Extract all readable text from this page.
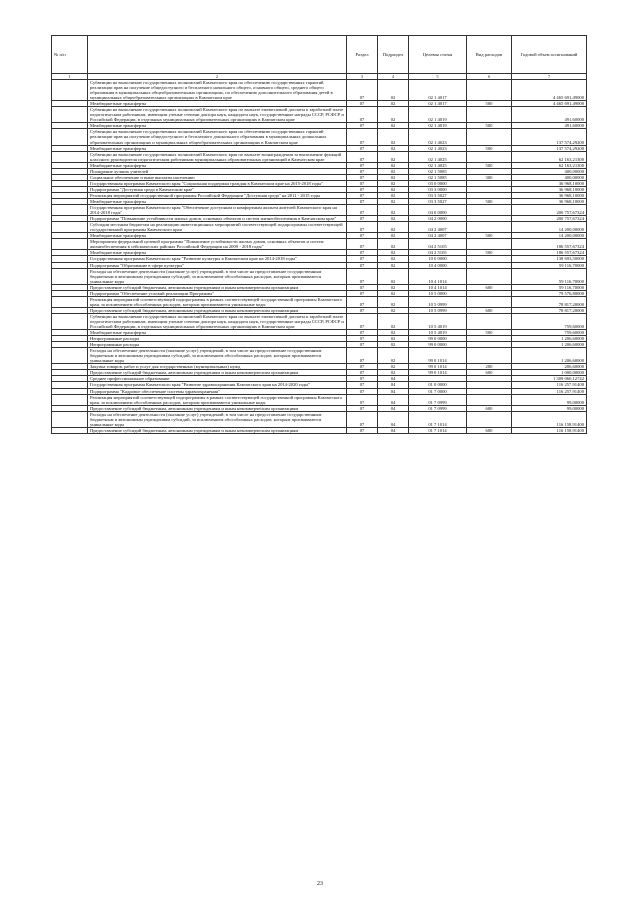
№ п/п		Раздел	Подраздел	Целевая статья	Вид расходов	Годовой объем ассигнований
1	2	3	4	5	6	7
	Субвенции на выполнение государственных полномочий Камчатского края по обеспечению государственных гарантий реализации прав на получение общедоступного и бесплатного начального общего, основного общего, среднего общего образования в муниципальных общеобразовательных организациях, по обеспечению дополнительного образования детей в муниципальных общеобразовательных организациях в Камчатском крае	07	02	02 1 4017		4 465 691,49000
	Межбюджетные трансферты	07	02	02 1 4017	500	4 465 691,49000
	Субвенции на выполнение государственных полномочий Камчатского края по выплате ежемесячной доплаты к заработной плате педагогическим работникам, имеющим ученые степени доктора наук, кандидата наук, государственные награды СССР, РСФСР и Российской Федерации, в отдельных муниципальных образовательных организациях в Камчатском крае	07	02	02 1 4019		491,60000
	Межбюджетные трансферты	07	02	02 1 4019	500	491,60000
	Субвенции на выполнение государственных полномочий Камчатского края по обеспечению государственных гарантий реализации прав на получение общедоступного и бесплатного дошкольного образования в муниципальных дошкольных образовательных организациях и муниципальных общеобразовательных организациях в Камчатском крае	07	02	02 1 4023		137 574,29200
	Межбюджетные трансферты	07	02	02 1 4023	500	137 574,29200
	Субвенции на выполнение государственных полномочий Камчатского края по выплате вознаграждения за выполнение функций классного руководителя педагогическим работникам муниципальных образовательных организаций в Камчатском крае	07	02	02 1 4025		62 163,21300
	Межбюджетные трансферты	07	02	02 1 4025	500	62 163,21300
	Поощрение лучших учителей	07	02	02 1 5085		400,00000
	Социальное обеспечение и иные выплаты населению	07	02	02 1 5085	300	400,00000
	Государственная программа Камчатского края "Социальная поддержка граждан в Камчатском крае на 2015-2018 годы"	07	02	03 0 0000		36 968,10000
	Подпрограмма "Доступная среда в Камчатском крае"	07	02	03 3 0000		36 968,10000
	Реализация мероприятий государственной программы Российской Федерации "Доступная среда" на 2011 - 2015 годы	07	02	03 3 5027		36 968,10000
	Межбюджетные трансферты	07	02	03 3 5027	500	36 968,10000
	Государственная программа Камчатского края "Обеспечение доступным и комфортным жильем жителей Камчатского края на 2014-2018 годы"	07	02	04 0 0000		200 757,67324
	Подпрограмма "Повышение устойчивости жилых домов, основных объектов и систем жизнеобеспечения в Камчатском крае"	07	02	04 2 0000		200 757,67324
	Субсидии местным бюджетам на реализацию инвестиционных мероприятий соответствующей подпрограммы соответствующей государственной программы Камчатского края	07	02	04 2 4007		14 200,00000
	Межбюджетные трансферты	07	02	04 2 4007	500	14 200,00000
	Мероприятия федеральной целевой программы "Повышение устойчивости жилых домов, основных объектов и систем жизнеобеспечения в сейсмических районах Российской Федерации на 2009 - 2018 годы"	07	02	04 2 5105		186 557,67324
	Межбюджетные трансферты	07	02	04 2 5105	500	186 557,67324
	Государственная программа Камчатского края "Развитие культуры в Камчатском крае на 2014-2018 годы"	07	02	10 0 0000		138 693,50000
	Подпрограмма "Образование в сфере культуры"	07	02	10 4 0000		59 116,70000
	Расходы на обеспечение деятельности (оказание услуг) учреждений, в том числе на предоставление государственным бюджетным и автономным учреждениям субсидий, за исключением обособленных расходов, которым присваиваются уникальные коды	07	02	10 4 1014		59 116,70000
	Предоставление субсидий бюджетным, автономным учреждениям и иным некоммерческим организациям	07	02	10 4 1014	600	59 116,70000
	Подпрограмма "Обеспечение условий реализации Программы"	07	02	10 5 0000		79 576,80000
	Реализация мероприятий соответствующей подпрограммы в рамках соответствующей государственной программы Камчатского края, за исключением обособленных расходов, которым присваиваются уникальные коды	07	02	10 5 0999		78 817,20000
	Предоставление субсидий бюджетным, автономным учреждениям и иным некоммерческим организациям	07	02	10 5 0999	600	78 817,20000
	Субвенции на выполнение государственных полномочий Камчатского края по выплате ежемесячной доплаты к заработной плате педагогическим работникам, имеющим ученые степени доктора наук, кандидата наук, государственные награды СССР, РСФСР и Российской Федерации, в отдельных муниципальных образовательных организациях в Камчатском крае	07	02	10 5 4019		759,60000
	Межбюджетные трансферты	07	02	10 5 4019	500	759,60000
	Непрограммные расходы	07	02	99 0 0000		1 206,60000
	Непрограммные расходы	07	02	99 0 0000		1 206,60000
	Расходы на обеспечение деятельности (оказание услуг) учреждений, в том числе на предоставление государственным бюджетным и автономным учреждениям субсидий, за исключением обособленных расходов, которым присваиваются уникальные коды	07	02	99 0 1014		1 206,60000
	Закупка товаров, работ и услуг для государственных (муниципальных) нужд	07	02	99 0 1014	200	206,60000
	Предоставление субсидий бюджетным, автономным учреждениям и иным некоммерческим организациям	07	02	99 0 1014	600	1 000,00000
	Среднее профессиональное образование	07	04			1 309 060,12742
	Государственная программа Камчатского края "Развитие здравоохранения Камчатского края на 2014-2020 годы"	07	04	01 0 0000		116 257,91400
	Подпрограмма "Кадровое обеспечение системы здравоохранения"	07	04	01 7 0000		116 257,91400
	Реализация мероприятий соответствующей подпрограммы в рамках соответствующей государственной программы Камчатского края, за исключением обособленных расходов, которым присваиваются уникальные коды	07	04	01 7 0999		99,00000
	Предоставление субсидий бюджетным, автономным учреждениям и иным некоммерческим организациям	07	04	01 7 0999	600	99,00000
	Расходы на обеспечение деятельности (оказание услуг) учреждений, в том числе на предоставление государственным бюджетным и автономным учреждениям субсидий, за исключением обособленных расходов, которым присваиваются уникальные коды	07	04	01 7 1014		116 158,91400
	Предоставление субсидий бюджетным, автономным учреждениям и иным некоммерческим организациям	07	04	01 7 1014	600	116 158,91400
23
